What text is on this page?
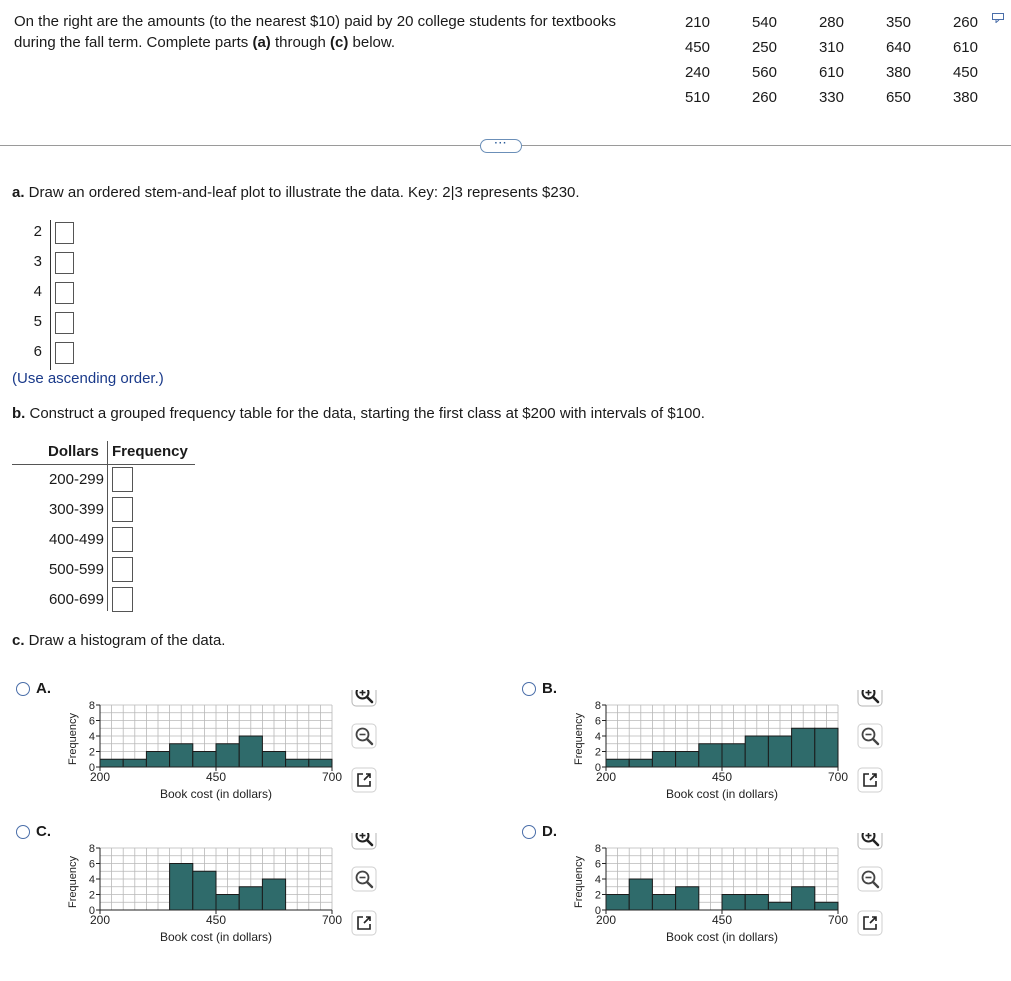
On the right are the amounts (to the nearest $10) paid by 20 college students for textbooks during the fall term. Complete parts (a) through (c) below.
210	540	280	350	260
450	250	310	640	610
240	560	610	380	450
510	260	330	650	380
···
a. Draw an ordered stem-and-leaf plot to illustrate the data. Key: 2|3 represents $230.
2
3
4
5
6
(Use ascending order.)
b. Construct a grouped frequency table for the data, starting the first class at $200 with intervals of $100.
Dollars Frequency
200-299
300-399
400-499
500-599
600-699
c. Draw a histogram of the data.
A.	B.
C.	D.
0
2
4
6
8
200	450	700
Book cost (in dollars)
Frequency
0
2
4
6
8
200	450	700
Book cost (in dollars)
Frequency
0
2
4
6
8
200	450	700
Book cost (in dollars)
Frequency
0
2
4
6
8
200	450	700
Book cost (in dollars)
Frequency
